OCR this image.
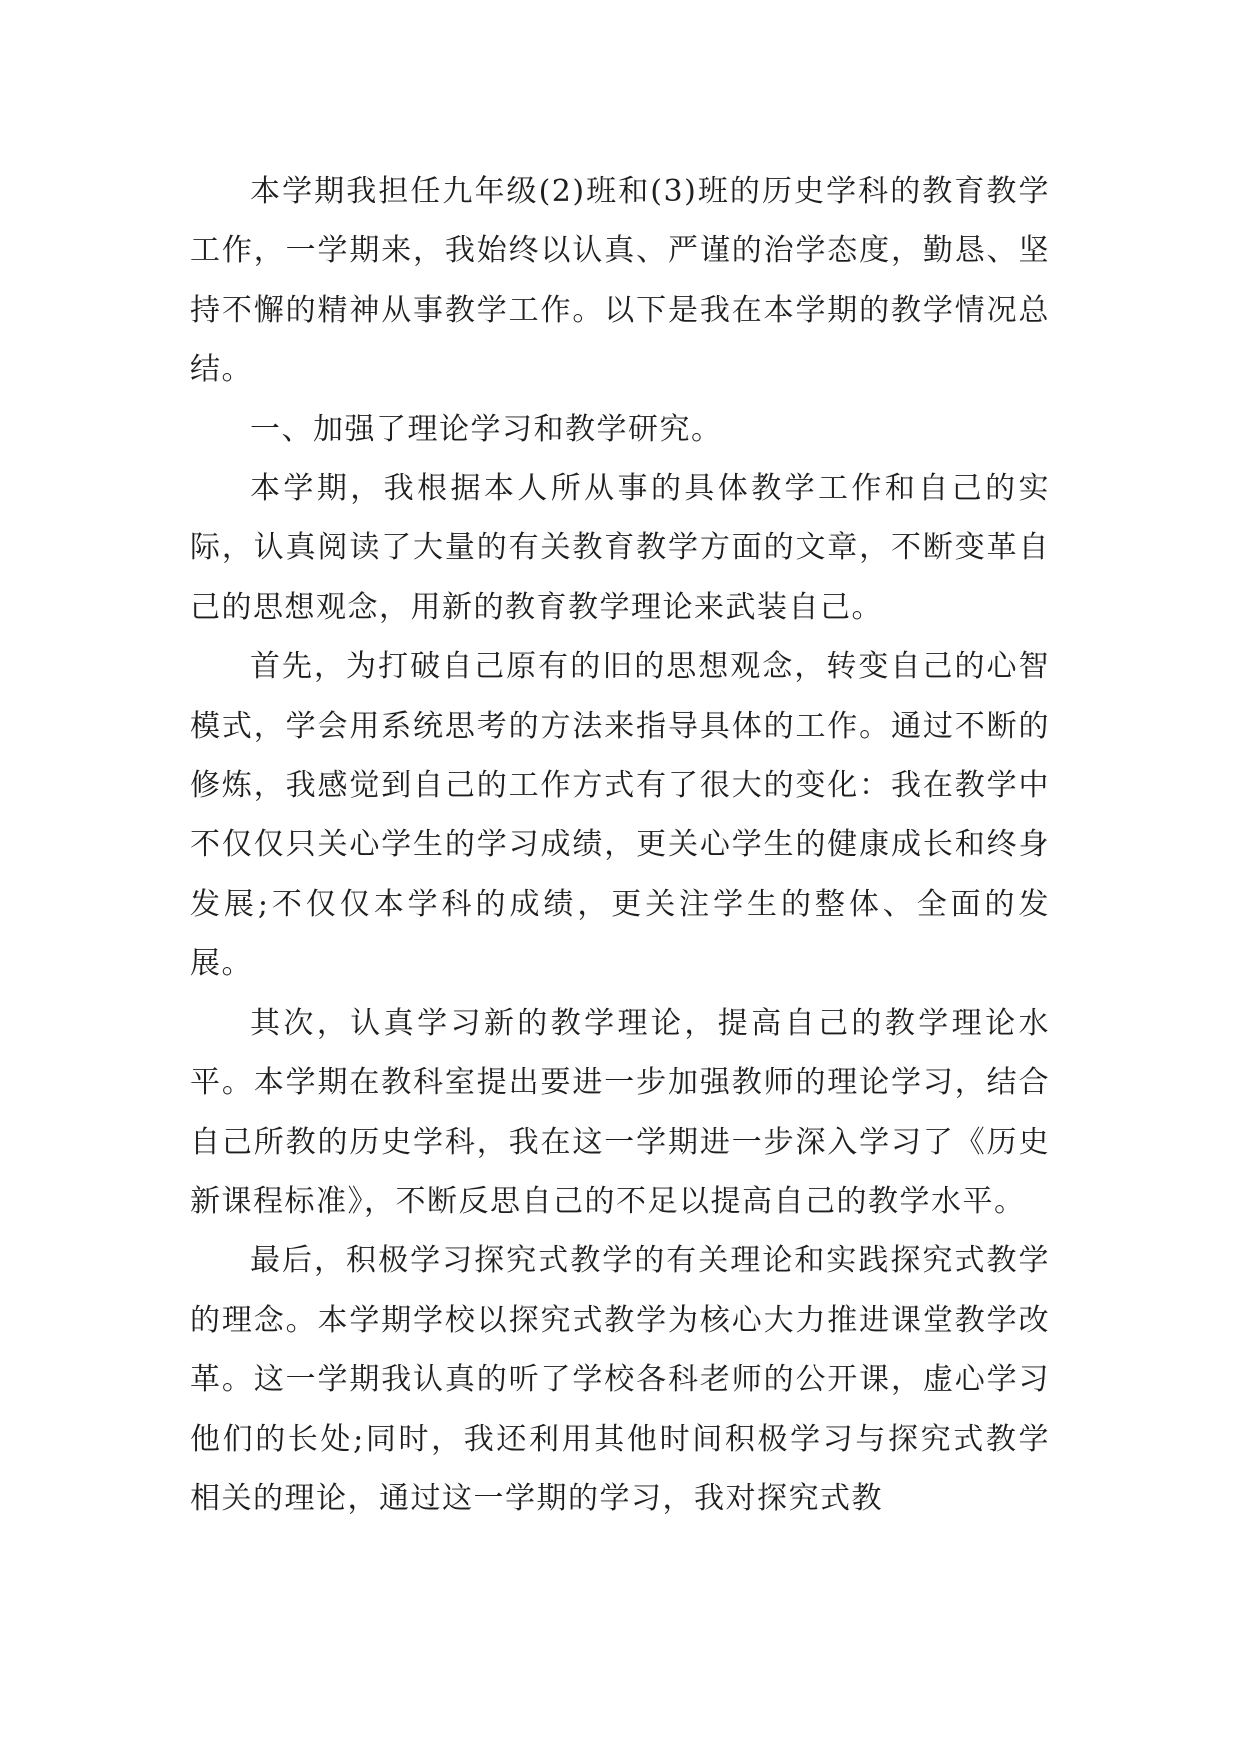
本学期我担任九年级(2)班和(3)班的历史学科的教育教学工作，一学期来，我始终以认真、严谨的治学态度，勤恳、坚持不懈的精神从事教学工作。以下是我在本学期的教学情况总结。

一、加强了理论学习和教学研究。

本学期，我根据本人所从事的具体教学工作和自己的实际，认真阅读了大量的有关教育教学方面的文章，不断变革自己的思想观念，用新的教育教学理论来武装自己。

首先，为打破自己原有的旧的思想观念，转变自己的心智模式，学会用系统思考的方法来指导具体的工作。通过不断的修炼，我感觉到自己的工作方式有了很大的变化：我在教学中不仅仅只关心学生的学习成绩，更关心学生的健康成长和终身发展;不仅仅本学科的成绩，更关注学生的整体、全面的发展。

其次，认真学习新的教学理论，提高自己的教学理论水平。本学期在教科室提出要进一步加强教师的理论学习，结合自己所教的历史学科，我在这一学期进一步深入学习了《历史新课程标准》，不断反思自己的不足以提高自己的教学水平。

最后，积极学习探究式教学的有关理论和实践探究式教学的理念。本学期学校以探究式教学为核心大力推进课堂教学改革。这一学期我认真的听了学校各科老师的公开课，虚心学习他们的长处;同时，我还利用其他时间积极学习与探究式教学相关的理论，通过这一学期的学习，我对探究式教
